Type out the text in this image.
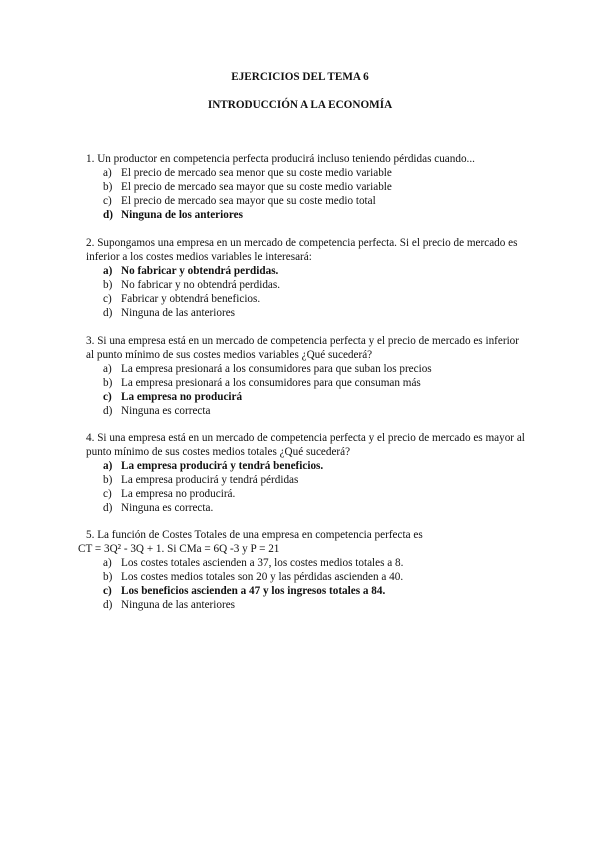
EJERCICIOS DEL TEMA 6
INTRODUCCIÓN A LA ECONOMÍA

1. Un productor en competencia perfecta producirá incluso teniendo pérdidas cuando...

a) El precio de mercado sea menor que su coste medio variable
b) El precio de mercado sea mayor que su coste medio variable
c) El precio de mercado sea mayor que su coste medio total
d) Ninguna de los anteriores

2. Supongamos una empresa en un mercado de competencia perfecta. Si el precio de mercado es inferior a los costes medios variables le interesará:

a) No fabricar y obtendrá perdidas.
b) No fabricar y no obtendrá perdidas.
c) Fabricar y obtendrá beneficios.
d) Ninguna de las anteriores

3. Si una empresa está en un mercado de competencia perfecta y el precio de mercado es inferior al punto mínimo de sus costes medios variables ¿Qué sucederá?

a) La empresa presionará a los consumidores para que suban los precios
b) La empresa presionará a los consumidores para que consuman más
c) La empresa no producirá
d) Ninguna es correcta

4. Si una empresa está en un mercado de competencia perfecta y el precio de mercado es mayor al punto mínimo de sus costes medios totales ¿Qué sucederá?

a) La empresa producirá y tendrá beneficios.
b) La empresa producirá y tendrá pérdidas
c) La empresa no producirá.
d) Ninguna es correcta.

5. La función de Costes Totales de una empresa en competencia perfecta es

CT = 3Q² - 3Q + 1. Si CMa = 6Q -3 y P = 21

a) Los costes totales ascienden a 37, los costes medios totales a 8.
b) Los costes medios totales son 20 y las pérdidas ascienden a 40.
c) Los beneficios ascienden a 47 y los ingresos totales a 84.
d) Ninguna de las anteriores
